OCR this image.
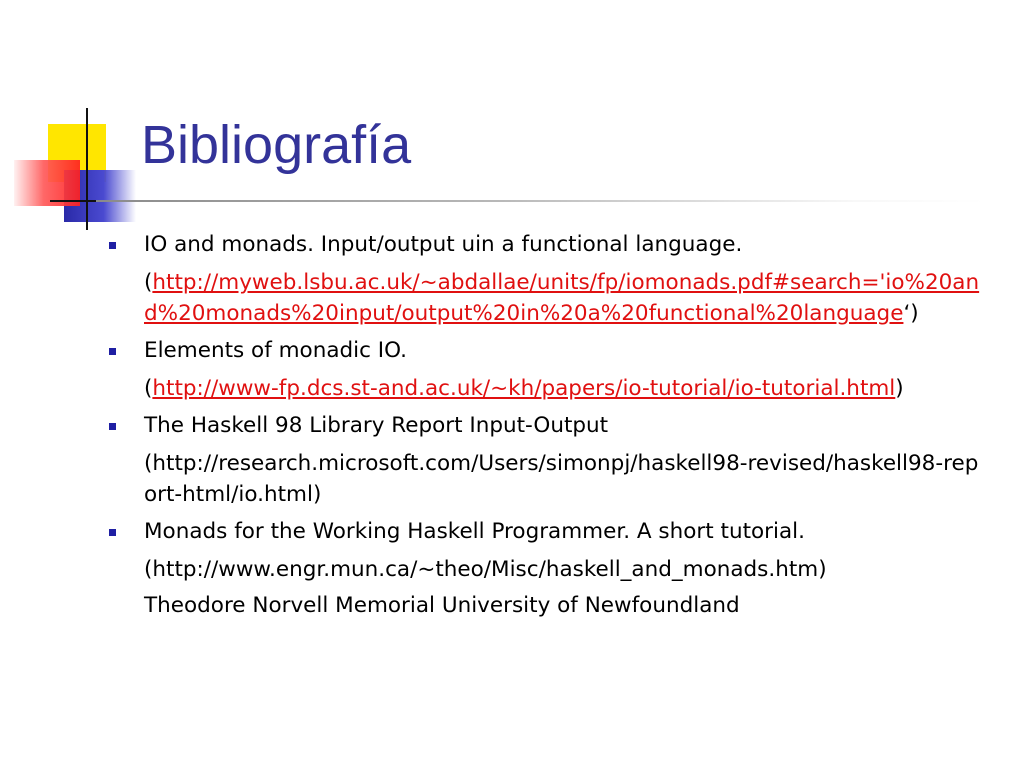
Bibliografía

IO and monads. Input/output uin a functional language.

(http://myweb.lsbu.ac.uk/~abdallae/units/fp/iomonads.pdf#search='io%20and%20monads%20input/output%20in%20a%20functional%20language‘)

Elements of monadic IO.

(http://www-fp.dcs.st-and.ac.uk/~kh/papers/io-tutorial/io-tutorial.html)

The Haskell 98 Library Report Input-Output

(http://research.microsoft.com/Users/simonpj/haskell98-revised/haskell98-report-html/io.html)

Monads for the Working Haskell Programmer. A short tutorial.

(http://www.engr.mun.ca/~theo/Misc/haskell_and_monads.htm)

Theodore Norvell Memorial University of Newfoundland
